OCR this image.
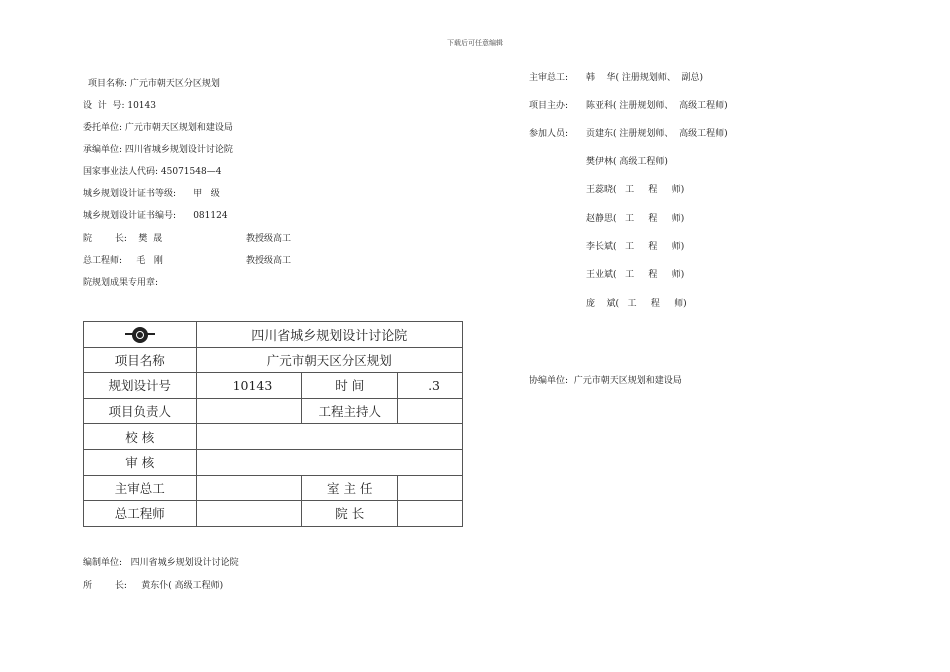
下载后可任意编辑
项目名称: 广元市朝天区分区规划
设  计  号: 10143
委托单位: 广元市朝天区规划和建设局
承编单位: 四川省城乡规划设计讨论院
国家事业法人代码: 45071548—4
城乡规划设计证书等级:      甲   级
城乡规划设计证书编号:      081124
院        长:    樊  晟	教授级高工
总工程师:     毛   刚	教授级高工
院规划成果专用章:
	四川省城乡规划设计讨论院		
项目名称	广元市朝天区分区规划		
规划设计号	10143	时 间	.3
项目负责人		工程主持人	
校 核			
审 核			
主审总工		室 主 任	
总工程师		院 长	
编制单位:   四川省城乡规划设计讨论院
所        长:     黄东仆( 高级工程师)
主审总工: 韩    华( 注册规划师、  副总)
项目主办: 陈亚科( 注册规划师、  高级工程师)
参加人员: 贡建东( 注册规划师、  高级工程师)
樊伊林( 高级工程师)
王蕊晓(   工     程     师)
赵静思(   工     程     师)
李长斌(   工     程     师)
王业斌(   工     程     师)
庞    斌(   工     程     师)
协编单位:  广元市朝天区规划和建设局
